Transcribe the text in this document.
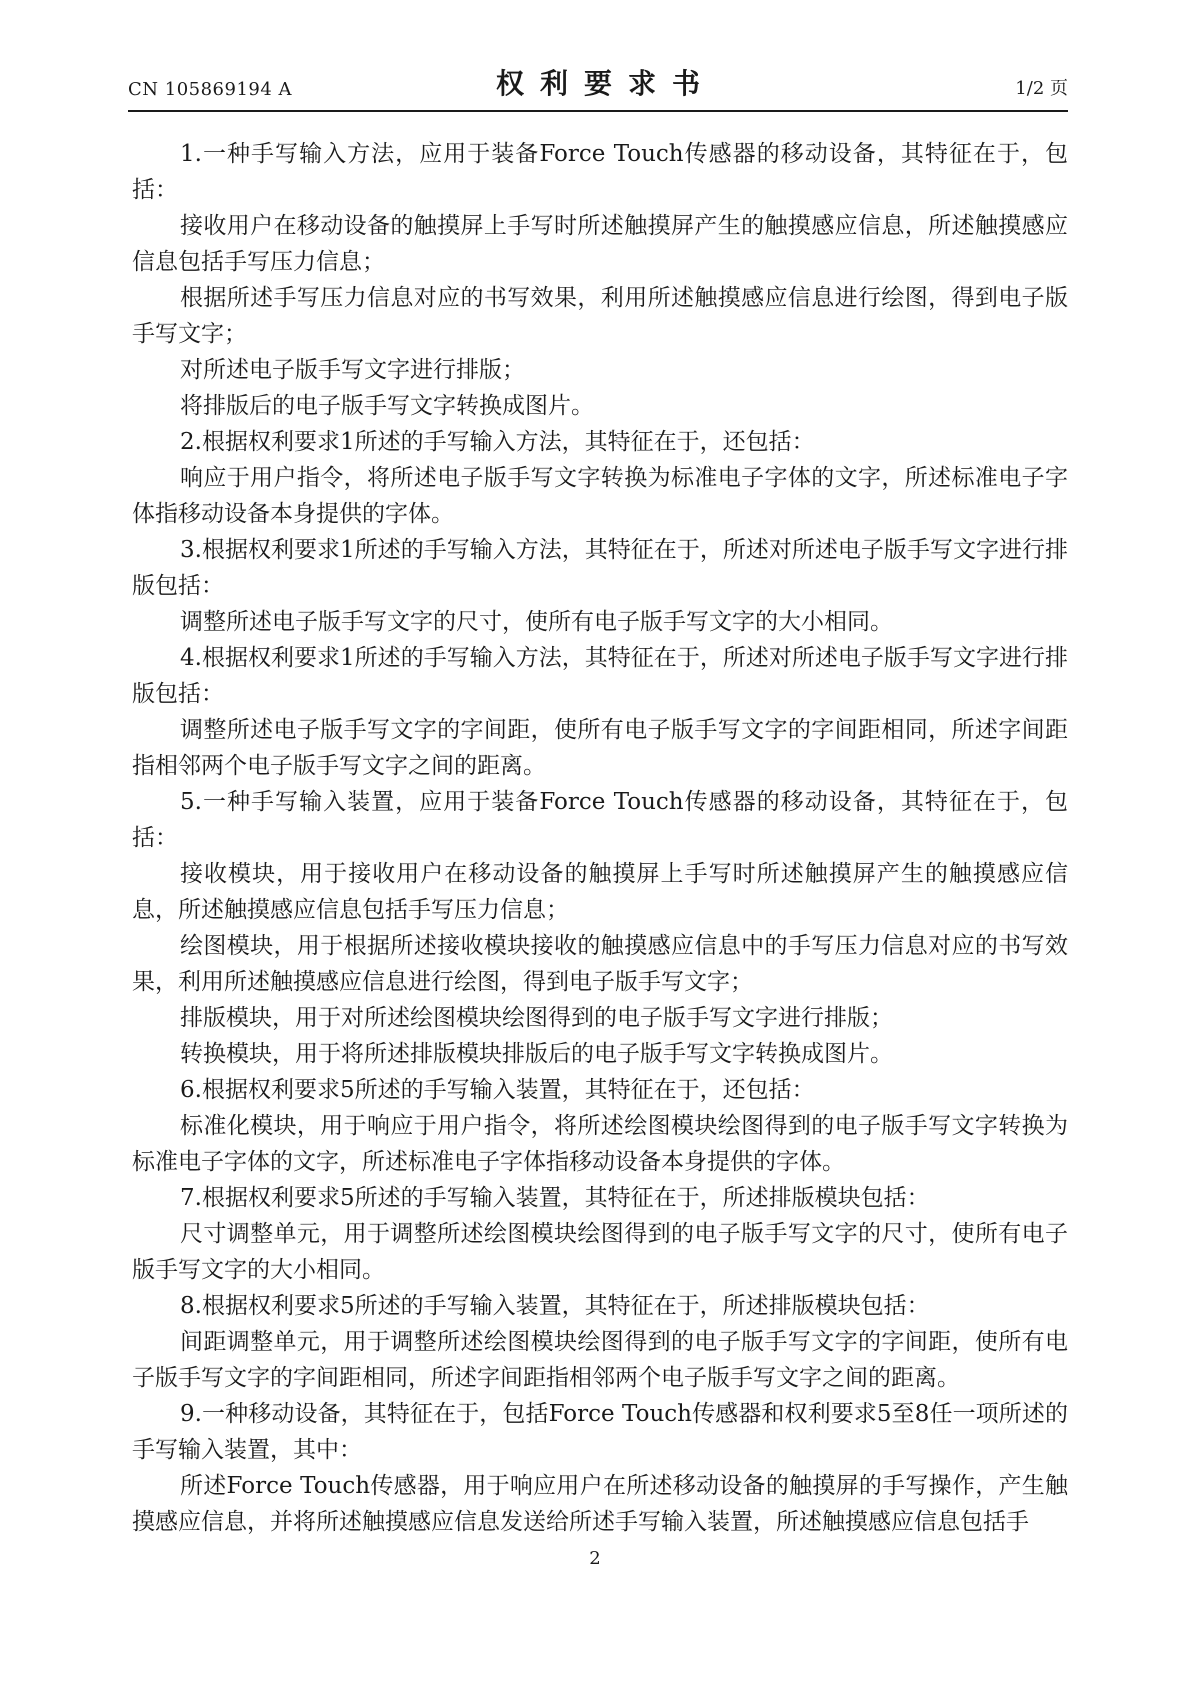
CN 105869194 A	权利要求书	1/2 页

1.一种手写输入方法，应用于装备Force Touch传感器的移动设备，其特征在于，包括：

接收用户在移动设备的触摸屏上手写时所述触摸屏产生的触摸感应信息，所述触摸感应信息包括手写压力信息；

根据所述手写压力信息对应的书写效果，利用所述触摸感应信息进行绘图，得到电子版手写文字；

对所述电子版手写文字进行排版；

将排版后的电子版手写文字转换成图片。

2.根据权利要求1所述的手写输入方法，其特征在于，还包括：

响应于用户指令，将所述电子版手写文字转换为标准电子字体的文字，所述标准电子字体指移动设备本身提供的字体。

3.根据权利要求1所述的手写输入方法，其特征在于，所述对所述电子版手写文字进行排版包括：

调整所述电子版手写文字的尺寸，使所有电子版手写文字的大小相同。

4.根据权利要求1所述的手写输入方法，其特征在于，所述对所述电子版手写文字进行排版包括：

调整所述电子版手写文字的字间距，使所有电子版手写文字的字间距相同，所述字间距指相邻两个电子版手写文字之间的距离。

5.一种手写输入装置，应用于装备Force Touch传感器的移动设备，其特征在于，包括：

接收模块，用于接收用户在移动设备的触摸屏上手写时所述触摸屏产生的触摸感应信息，所述触摸感应信息包括手写压力信息；

绘图模块，用于根据所述接收模块接收的触摸感应信息中的手写压力信息对应的书写效果，利用所述触摸感应信息进行绘图，得到电子版手写文字；

排版模块，用于对所述绘图模块绘图得到的电子版手写文字进行排版；

转换模块，用于将所述排版模块排版后的电子版手写文字转换成图片。

6.根据权利要求5所述的手写输入装置，其特征在于，还包括：

标准化模块，用于响应于用户指令，将所述绘图模块绘图得到的电子版手写文字转换为标准电子字体的文字，所述标准电子字体指移动设备本身提供的字体。

7.根据权利要求5所述的手写输入装置，其特征在于，所述排版模块包括：

尺寸调整单元，用于调整所述绘图模块绘图得到的电子版手写文字的尺寸，使所有电子版手写文字的大小相同。

8.根据权利要求5所述的手写输入装置，其特征在于，所述排版模块包括：

间距调整单元，用于调整所述绘图模块绘图得到的电子版手写文字的字间距，使所有电子版手写文字的字间距相同，所述字间距指相邻两个电子版手写文字之间的距离。

9.一种移动设备，其特征在于，包括Force Touch传感器和权利要求5至8任一项所述的手写输入装置，其中：

所述Force Touch传感器，用于响应用户在所述移动设备的触摸屏的手写操作，产生触摸感应信息，并将所述触摸感应信息发送给所述手写输入装置，所述触摸感应信息包括手

2
